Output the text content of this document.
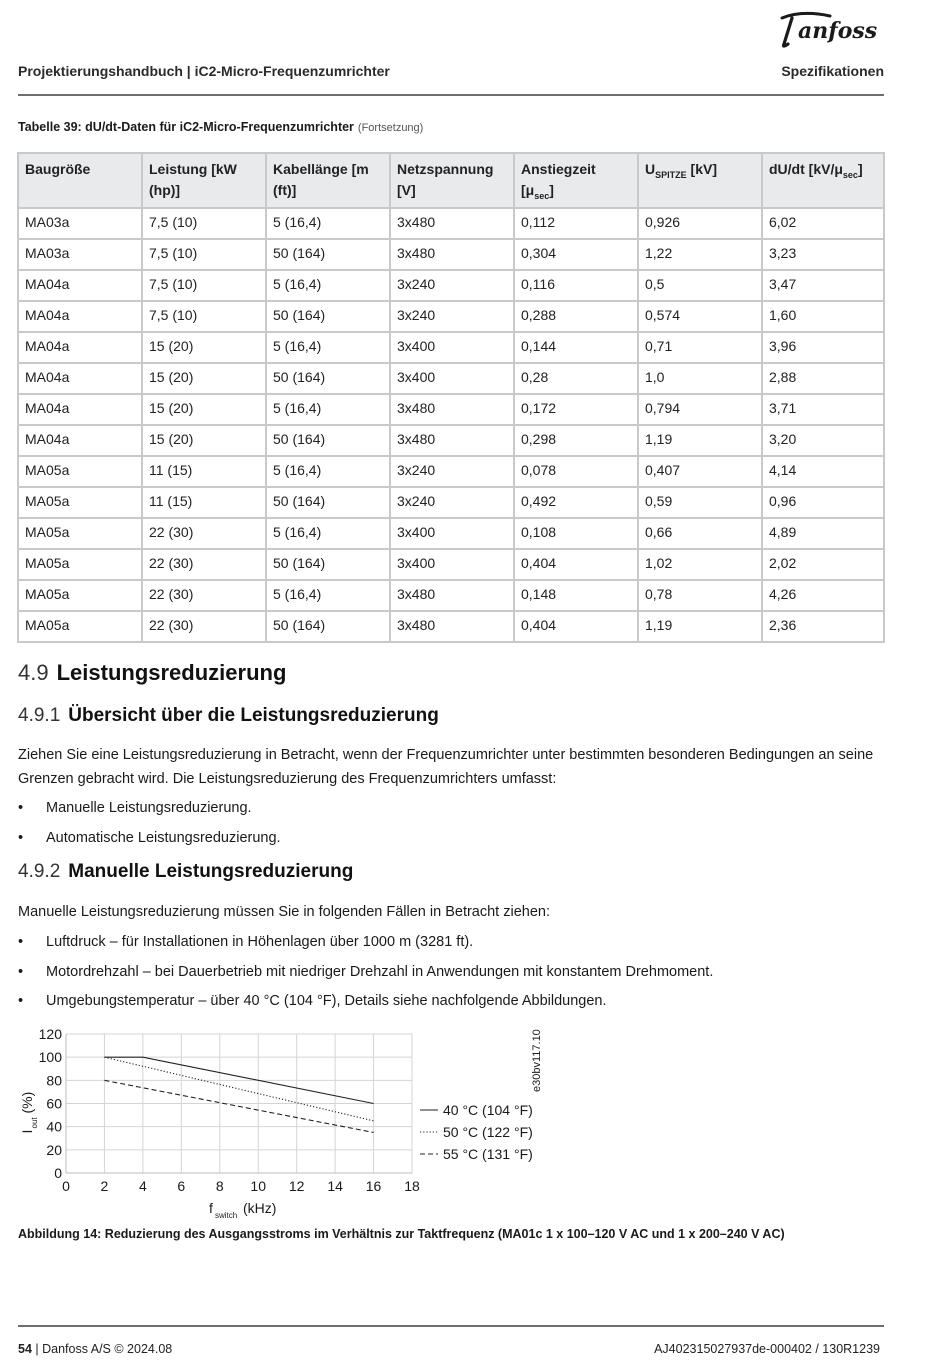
anfoss
Projektierungshandbuch | iC2-Micro-Frequenzumrichter	Spezifikationen
Tabelle 39: dU/dt-Daten für iC2-Micro-Frequenzumrichter (Fortsetzung)
Baugröße	Leistung [kW (hp)]	Kabellänge [m (ft)]	Netzspannung [V]	Anstiegzeit $[\mu_{sec}]$	$U_{SPITZE}$ [kV]	dU/dt $[kV/\mu_{sec}]$
MA03a	7,5 (10)	5 (16,4)	3x480	0,112	0,926	6,02
MA03a	7,5 (10)	50 (164)	3x480	0,304	1,22	3,23
MA04a	7,5 (10)	5 (16,4)	3x240	0,116	0,5	3,47
MA04a	7,5 (10)	50 (164)	3x240	0,288	0,574	1,60
MA04a	15 (20)	5 (16,4)	3x400	0,144	0,71	3,96
MA04a	15 (20)	50 (164)	3x400	0,28	1,0	2,88
MA04a	15 (20)	5 (16,4)	3x480	0,172	0,794	3,71
MA04a	15 (20)	50 (164)	3x480	0,298	1,19	3,20
MA05a	11 (15)	5 (16,4)	3x240	0,078	0,407	4,14
MA05a	11 (15)	50 (164)	3x240	0,492	0,59	0,96
MA05a	22 (30)	5 (16,4)	3x400	0,108	0,66	4,89
MA05a	22 (30)	50 (164)	3x400	0,404	1,02	2,02
MA05a	22 (30)	5 (16,4)	3x480	0,148	0,78	4,26
MA05a	22 (30)	50 (164)	3x480	0,404	1,19	2,36
4.9 Leistungsreduzierung
4.9.1 Übersicht über die Leistungsreduzierung
Ziehen Sie eine Leistungsreduzierung in Betracht, wenn der Frequenzumrichter unter bestimmten besonderen Bedingungen an seine
Grenzen gebracht wird. Die Leistungsreduzierung des Frequenzumrichters umfasst:
• Manuelle Leistungsreduzierung.
• Automatische Leistungsreduzierung.
4.9.2 Manuelle Leistungsreduzierung
Manuelle Leistungsreduzierung müssen Sie in folgenden Fällen in Betracht ziehen:
• Luftdruck – für Installationen in Höhenlagen über 1000 m (3281 ft).
• Motordrehzahl – bei Dauerbetrieb mit niedriger Drehzahl in Anwendungen mit konstantem Drehmoment.
• Umgebungstemperatur – über 40 °C (104 °F), Details siehe nachfolgende Abbildungen.
0 2 4 6 8 10 12 14 16 18
0
20
40
60
80
100
120
f switch (kHz)
I
out
(%)	40 °C (104 °F)
50 °C (122 °F)
55 °C (131 °F)
e30bv117.10
Abbildung 14: Reduzierung des Ausgangsstroms im Verhältnis zur Taktfrequenz (MA01c 1 x 100–120 V AC und 1 x 200–240 V AC)
54 | Danfoss A/S © 2024.08	AJ402315027937de-000402 / 130R1239
